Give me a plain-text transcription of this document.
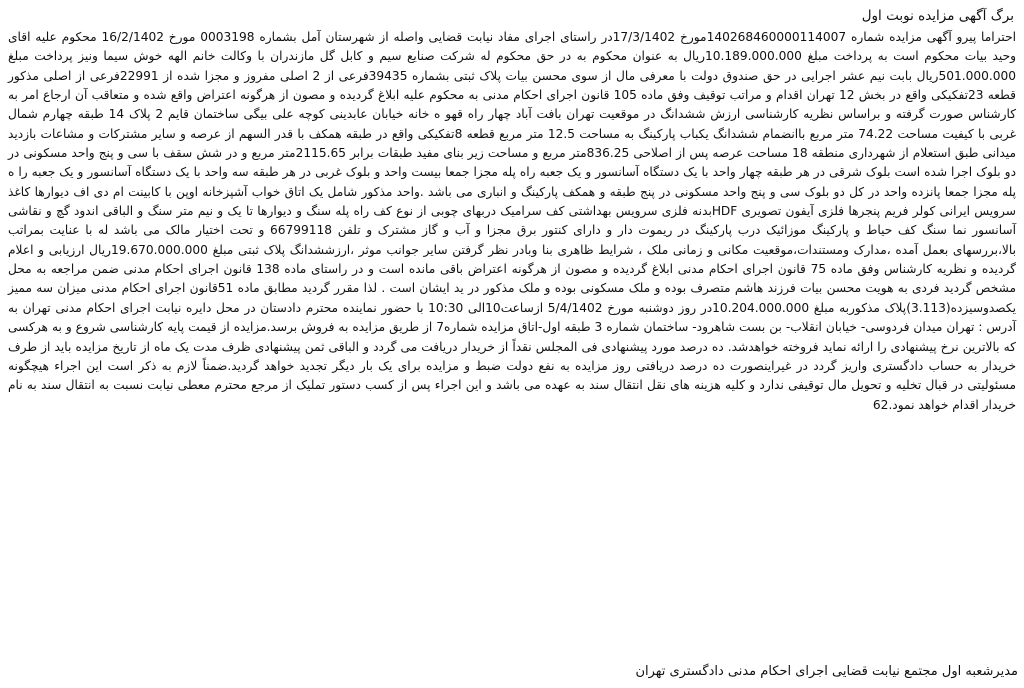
برگ آگهی مزایده نوبت اول

احتراما پیرو آگهی مزایده شماره 140268460000114007مورخ 17/3/1402در راستای اجرای مفاد نیابت قضایی واصله از شهرستان آمل بشماره 0003198 مورخ 16/2/1402 محکوم علیه اقای وحید بیات محکوم است به پرداخت مبلغ 10.189.000.000ریال به عنوان محکوم به در حق محکوم له شرکت صنایع سیم و کابل گل مازندران با وکالت خانم الهه خوش سیما ونیز پرداخت مبلغ 501.000.000ریال بابت نیم عشر اجرایی در حق صندوق دولت با معرفی مال از سوی محسن بیات پلاک ثبتی بشماره 39435فرعی از 2 اصلی مفروز و مجزا شده از 22991فرعی از اصلی مذکور قطعه 23تفکیکی واقع در بخش 12 تهران اقدام و مراتب توقیف وفق ماده 105 قانون اجرای احکام مدنی به محکوم علیه ابلاغ گردیده و مصون از هرگونه اعتراض واقع شده و متعاقب آن ارجاع امر به کارشناس صورت گرفته و براساس نظریه کارشناسی ارزش ششدانگ در موقعیت تهران بافت آباد چهار راه قهو ه خانه خیابان عابدینی کوچه علی بیگی ساختمان قایم 2 پلاک 14 طبقه چهارم شمال غربی با کیفیت مساحت 74.22 متر مربع باانضمام ششدانگ یکباب پارکینگ به مساحت 12.5 متر مربع قطعه 8تفکیکی واقع در طبقه همکف با قدر السهم از عرصه و سایر مشترکات و مشاعات بازدید میدانی طبق استعلام از شهرداری منطقه 18 مساحت عرصه پس از اصلاحی 836.25متر مربع و مساحت زیر بنای مفید طبقات برابر 2115.65متر مربع و در شش سقف با سی و پنج واحد مسکونی در دو بلوک اجرا شده است بلوک شرقی در هر طبقه چهار واحد با یک دستگاه آسانسور و یک جعبه راه پله مجزا جمعا بیست واحد و بلوک غربی در هر طبقه سه واحد با یک دستگاه آسانسور و یک جعبه را ه پله مجزا جمعا پانزده واحد در کل دو بلوک سی و پنج واحد مسکونی در پنج طبقه و همکف پارکینگ و انباری می باشد .واحد مذکور شامل یک اتاق خواب آشپزخانه اوپن با کابینت ام دی اف دیوارها کاغذ سرویس ایرانی کولر فریم پنجرها فلزی آیفون تصویری HDFبدنه فلزی سرویس بهداشتی کف سرامیک دربهای چوبی از نوع کف راه پله سنگ و دیوارها تا یک و نیم متر سنگ و الباقی اندود گچ و نقاشی آسانسور نما سنگ کف حیاط و پارکینگ موزائیک درب پارکینگ در ریموت دار و دارای کنتور برق مجزا و آب و گاز مشترک و تلفن 66799118 و تحت اختیار مالک می باشد له با عنایت بمراتب بالا،بررسهای بعمل آمده ،مدارک ومستندات،موقعیت مکانی و زمانی ملک ، شرایط ظاهری بنا وبادر نظر گرفتن سایر جوانب موثر ،ارزششدانگ پلاک ثبتی مبلغ 19.670.000.000ریال ارزیابی و اعلام گردیده و نظریه کارشناس وفق ماده 75 قانون اجرای احکام مدنی ابلاغ گردیده و مصون از هرگونه اعتراض باقی مانده است و در راستای ماده 138 قانون اجرای احکام مدنی ضمن مراجعه به محل مشخص گردید فردی به هویت محسن بیات فرزند هاشم متصرف بوده و ملک مسکونی بوده و ملک مذکور در ید ایشان است . لذا مقرر گردید مطابق ماده 51قانون اجرای احکام مدنی میزان سه ممیز یکصدوسیزده(3.113)پلاک مذکوربه مبلغ 10.204.000.000در روز دوشنبه مورخ 5/4/1402 ازساعت10الی 10:30 با حضور نماینده محترم دادستان در محل دایره نیابت اجرای احکام مدنی تهران به آدرس : تهران میدان فردوسی- خیابان انقلاب- بن بست شاهرود- ساختمان شماره 3 طبقه اول-اتاق مزایده شماره7 از طریق مزایده به فروش برسد.مزایده از قیمت پایه کارشناسی شروع و به هرکسی که بالاترین نرخ پیشنهادی را ارائه نماید فروخته خواهدشد. ده درصد مورد پیشنهادی فی المجلس نقداً از خریدار دریافت می گردد و الباقی ثمن پیشنهادی ظرف مدت یک ماه از تاریخ مزایده باید از طرف خریدار به حساب دادگستری واریز گردد در غیراینصورت ده درصد دریافتی روز مزایده به نفع دولت ضبط و مزایده برای یک بار دیگر تجدید خواهد گردید.ضمناً لازم به ذکر است این اجراء هیچگونه مسئولیتی در قبال تخلیه و تحویل مال توقیفی ندارد و کلیه هزینه های نقل انتقال سند به عهده می باشد و این اجراء پس از کسب دستور تملیک از مرجع محترم معطی نیابت نسبت به انتقال سند به نام خریدار اقدام خواهد نمود.62

مدیرشعبه اول مجتمع نیابت قضایی اجرای احکام مدنی دادگستری تهران
